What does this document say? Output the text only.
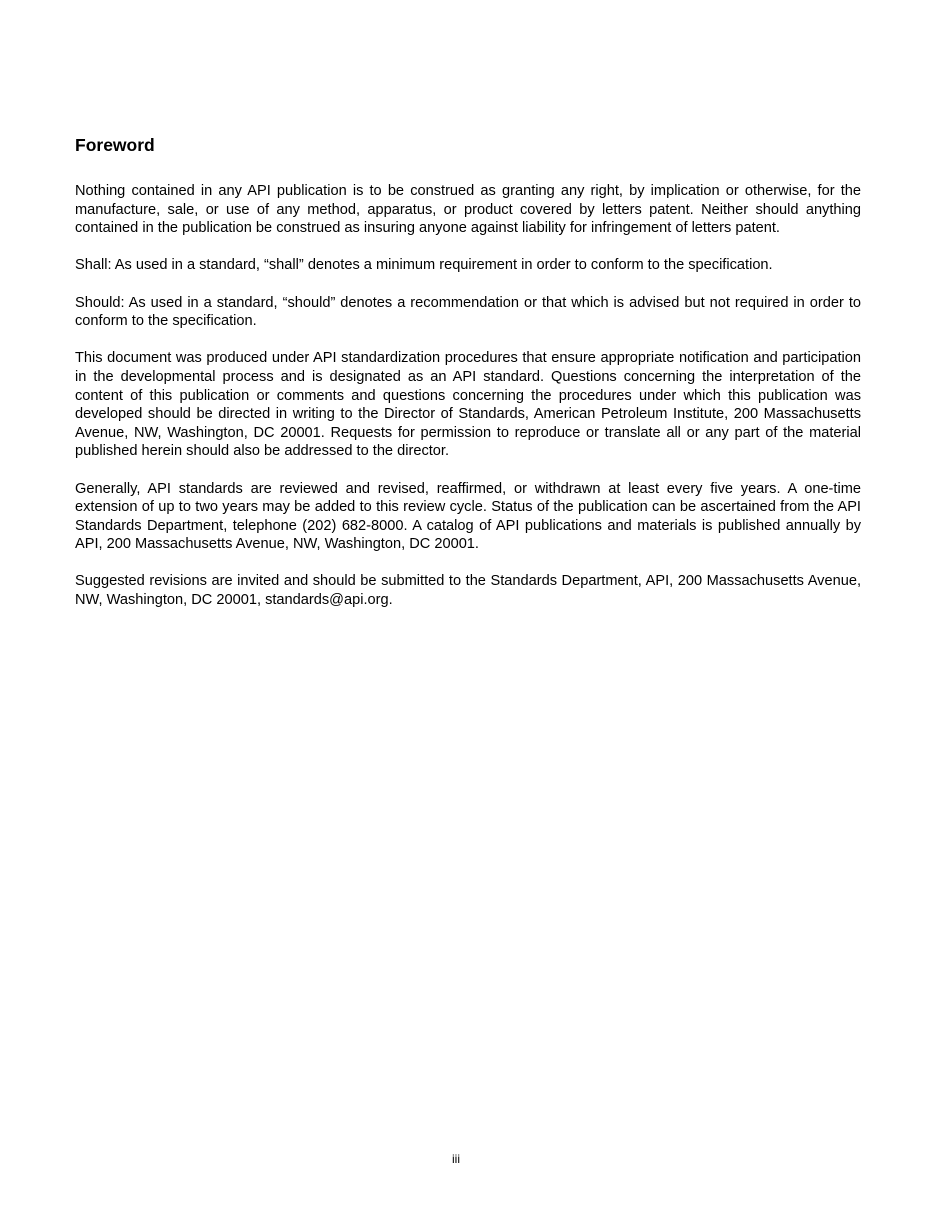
Foreword

Nothing contained in any API publication is to be construed as granting any right, by implication or otherwise, for the manufacture, sale, or use of any method, apparatus, or product covered by letters patent. Neither should anything contained in the publication be construed as insuring anyone against liability for infringement of letters patent.

Shall: As used in a standard, “shall” denotes a minimum requirement in order to conform to the specification.

Should: As used in a standard, “should” denotes a recommendation or that which is advised but not required in order to conform to the specification.

This document was produced under API standardization procedures that ensure appropriate notification and participation in the developmental process and is designated as an API standard. Questions concerning the interpretation of the content of this publication or comments and questions concerning the procedures under which this publication was developed should be directed in writing to the Director of Standards, American Petroleum Institute, 200 Massachusetts Avenue, NW, Washington, DC 20001. Requests for permission to reproduce or translate all or any part of the material published herein should also be addressed to the director.

Generally, API standards are reviewed and revised, reaffirmed, or withdrawn at least every five years. A one-time extension of up to two years may be added to this review cycle. Status of the publication can be ascertained from the API Standards Department, telephone (202) 682-8000. A catalog of API publications and materials is published annually by API, 200 Massachusetts Avenue, NW, Washington, DC 20001.

Suggested revisions are invited and should be submitted to the Standards Department, API, 200 Massachusetts Avenue, NW, Washington, DC 20001, standards@api.org.

iii
